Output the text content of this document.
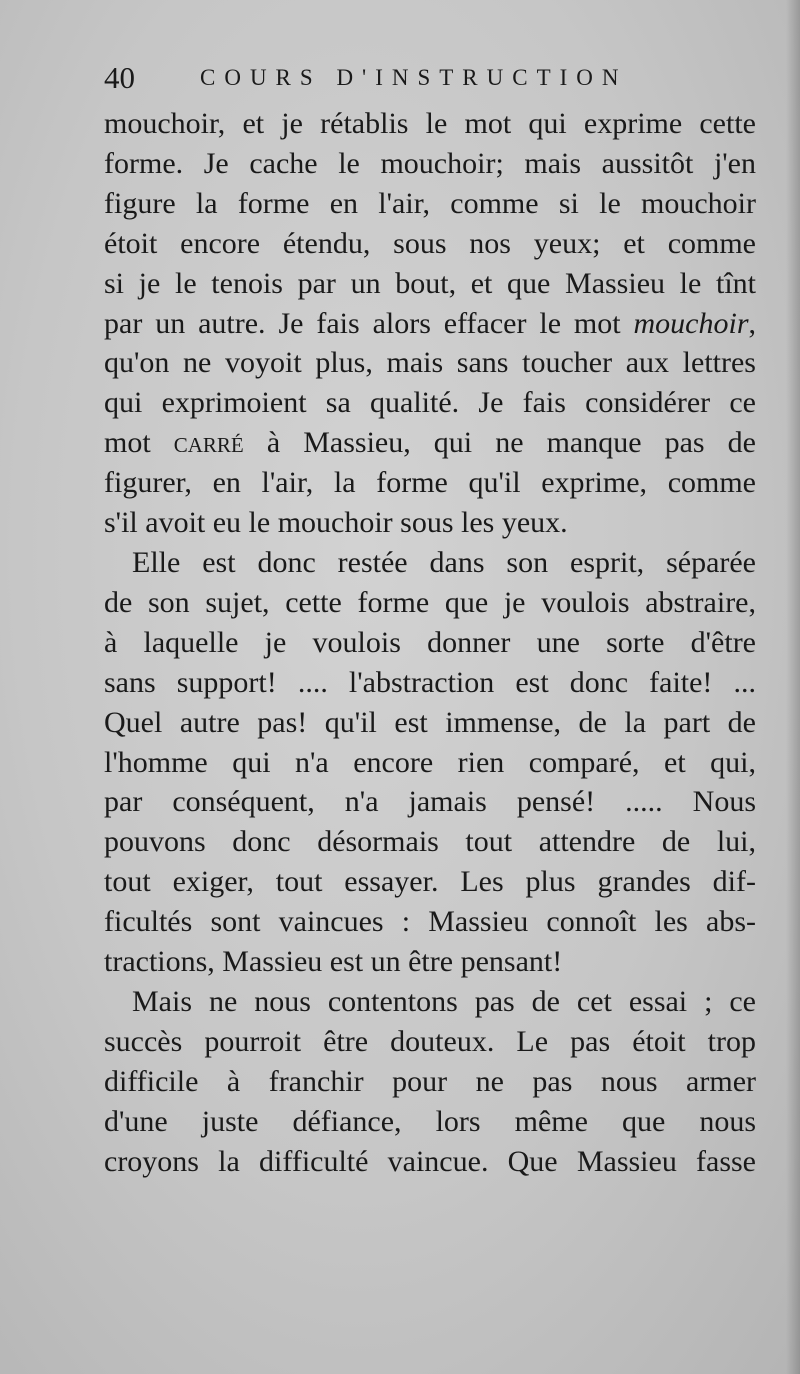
40	COURS D'INSTRUCTION

mouchoir, et je rétablis le mot qui exprime cette
forme. Je cache le mouchoir; mais aussitôt j'en
figure la forme en l'air, comme si le mouchoir
étoit encore étendu, sous nos yeux; et comme
si je le tenois par un bout, et que Massieu le tînt
par un autre. Je fais alors effacer le mot mouchoir,
qu'on ne voyoit plus, mais sans toucher aux lettres
qui exprimoient sa qualité. Je fais considérer ce
mot carré à Massieu, qui ne manque pas de
figurer, en l'air, la forme qu'il exprime, comme
s'il avoit eu le mouchoir sous les yeux.

Elle est donc restée dans son esprit, séparée
de son sujet, cette forme que je voulois abstraire,
à laquelle je voulois donner une sorte d'être
sans support! .... l'abstraction est donc faite! ...
Quel autre pas! qu'il est immense, de la part de
l'homme qui n'a encore rien comparé, et qui,
par conséquent, n'a jamais pensé! ..... Nous
pouvons donc désormais tout attendre de lui,
tout exiger, tout essayer. Les plus grandes dif-
ficultés sont vaincues : Massieu connoît les abs-
tractions, Massieu est un être pensant!

Mais ne nous contentons pas de cet essai ; ce
succès pourroit être douteux. Le pas étoit trop
difficile à franchir pour ne pas nous armer
d'une juste défiance, lors même que nous
croyons la difficulté vaincue. Que Massieu fasse
